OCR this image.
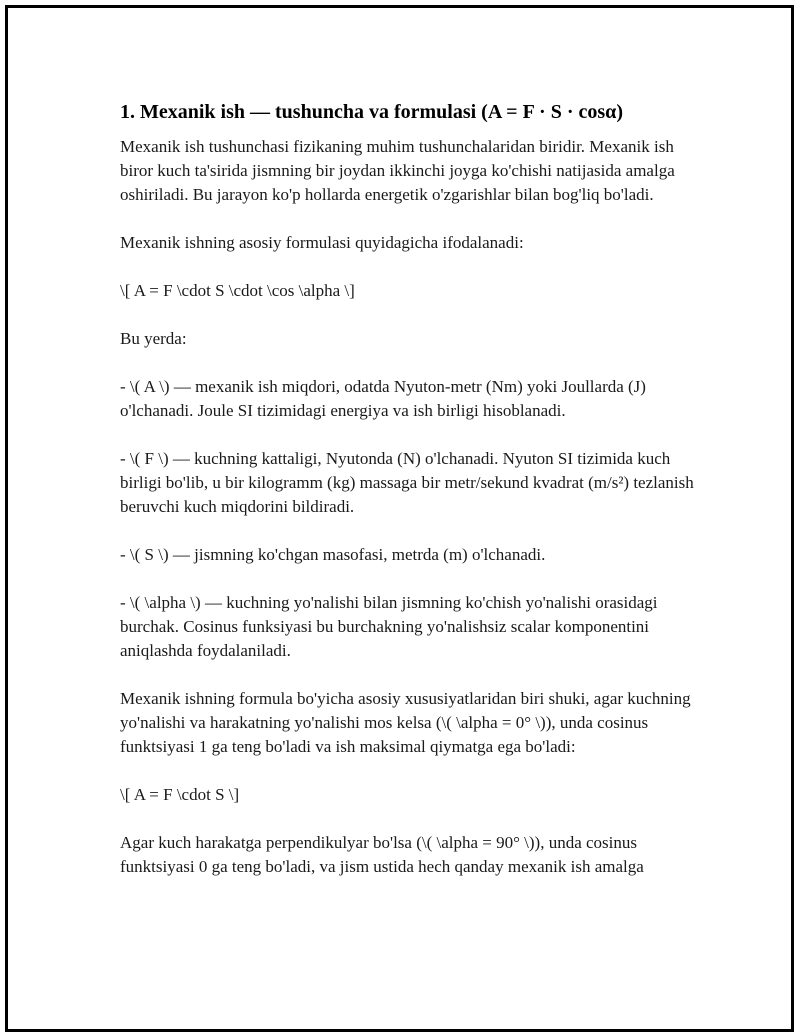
1. Mexanik ish — tushuncha va formulasi (A = F · S · cosα)

Mexanik ish tushunchasi fizikaning muhim tushunchalaridan biridir. Mexanik ish biror kuch ta'sirida jismning bir joydan ikkinchi joyga ko'chishi natijasida amalga oshiriladi. Bu jarayon ko'p hollarda energetik o'zgarishlar bilan bog'liq bo'ladi.

Mexanik ishning asosiy formulasi quyidagicha ifodalanadi:

\[ A = F \cdot S \cdot \cos \alpha \]

Bu yerda:

- \( A \) — mexanik ish miqdori, odatda Nyuton-metr (Nm) yoki Joullarda (J) o'lchanadi. Joule SI tizimidagi energiya va ish birligi hisoblanadi.

- \( F \) — kuchning kattaligi, Nyutonda (N) o'lchanadi. Nyuton SI tizimida kuch birligi bo'lib, u bir kilogramm (kg) massaga bir metr/sekund kvadrat (m/s²) tezlanish beruvchi kuch miqdorini bildiradi.

- \( S \) — jismning ko'chgan masofasi, metrda (m) o'lchanadi.

- \( \alpha \) — kuchning yo'nalishi bilan jismning ko'chish yo'nalishi orasidagi burchak. Cosinus funksiyasi bu burchakning yo'nalishsiz scalar komponentini aniqlashda foydalaniladi.

Mexanik ishning formula bo'yicha asosiy xususiyatlaridan biri shuki, agar kuchning yo'nalishi va harakatning yo'nalishi mos kelsa (\( \alpha = 0° \)), unda cosinus funktsiyasi 1 ga teng bo'ladi va ish maksimal qiymatga ega bo'ladi:

\[ A = F \cdot S \]

Agar kuch harakatga perpendikulyar bo'lsa (\( \alpha = 90° \)), unda cosinus funktsiyasi 0 ga teng bo'ladi, va jism ustida hech qanday mexanik ish amalga
